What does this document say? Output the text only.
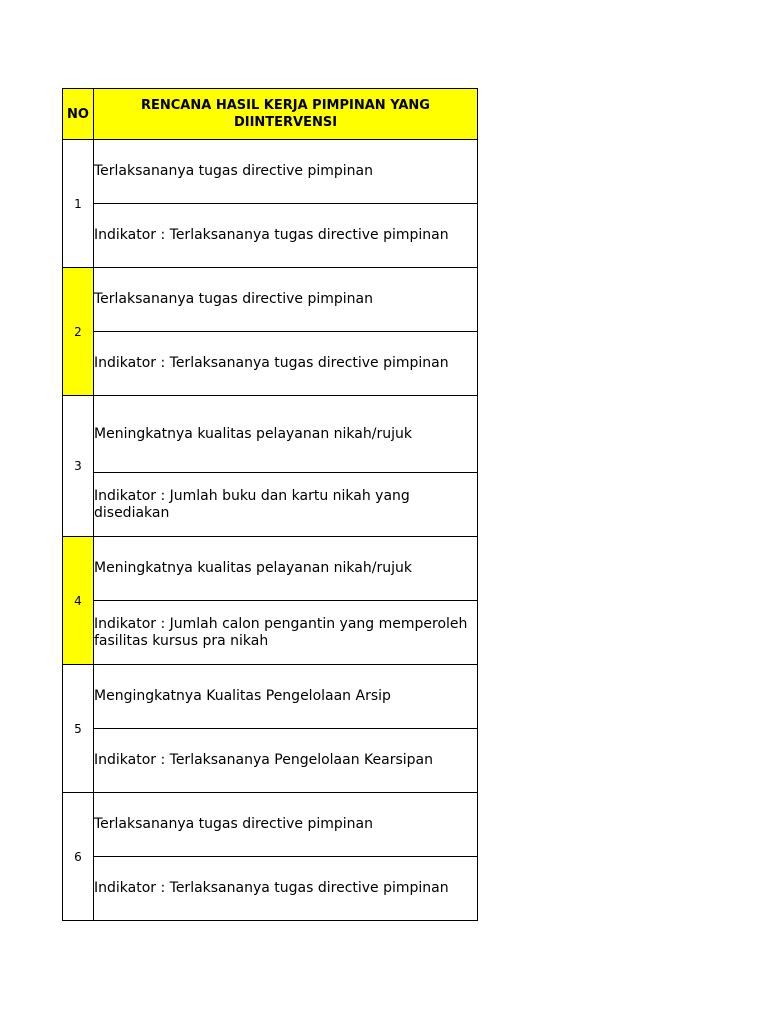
NO	RENCANA HASIL KERJA PIMPINAN YANG DIINTERVENSI
1	Terlaksananya tugas directive pimpinan
	Indikator : Terlaksananya tugas directive pimpinan
2	Terlaksananya tugas directive pimpinan
	Indikator : Terlaksananya tugas directive pimpinan
3	Meningkatnya kualitas pelayanan nikah/rujuk
	Indikator : Jumlah buku dan kartu nikah yang disediakan
4	Meningkatnya kualitas pelayanan nikah/rujuk
	Indikator : Jumlah calon pengantin yang memperoleh fasilitas kursus pra nikah
5	Mengingkatnya Kualitas Pengelolaan Arsip
	Indikator : Terlaksananya Pengelolaan Kearsipan
6	Terlaksananya tugas directive pimpinan
	Indikator : Terlaksananya tugas directive pimpinan
